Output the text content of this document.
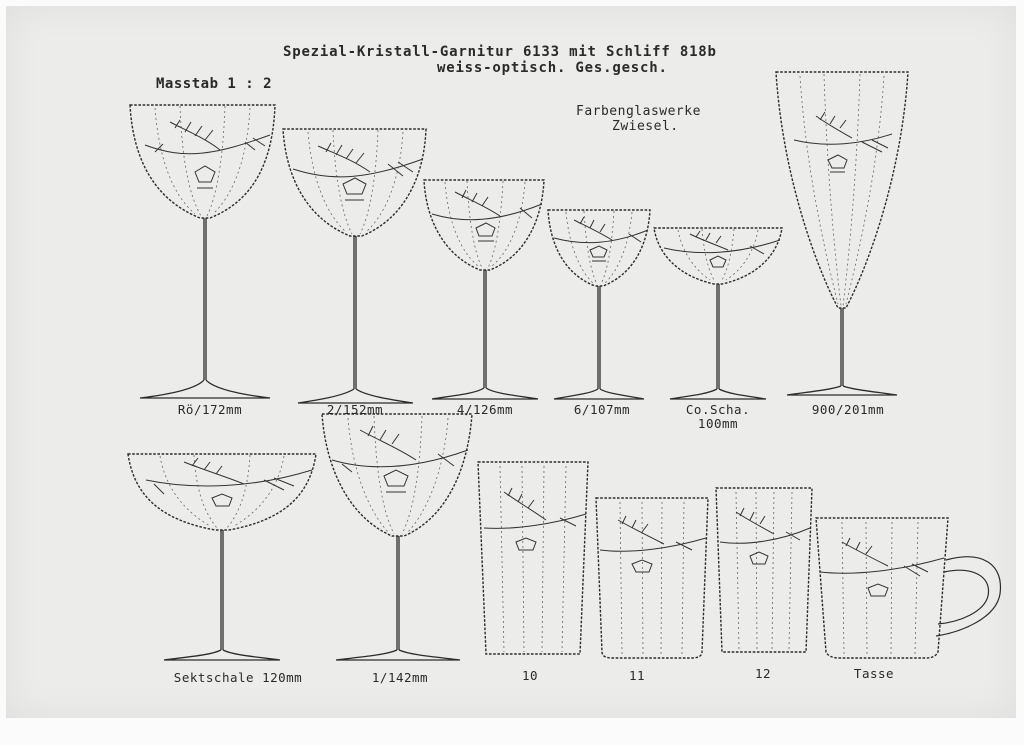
Spezial-Kristall-Garnitur 6133 mit Schliff 818b
weiss-optisch. Ges.gesch.
Masstab 1 : 2
Farbenglaswerke
Zwiesel.
Rö/172mm	2/152mm	4/126mm	6/107mm	Co.Scha.
100mm
900/201mm
Sektschale 120mm	1/142mm	10	11	12	Tasse
